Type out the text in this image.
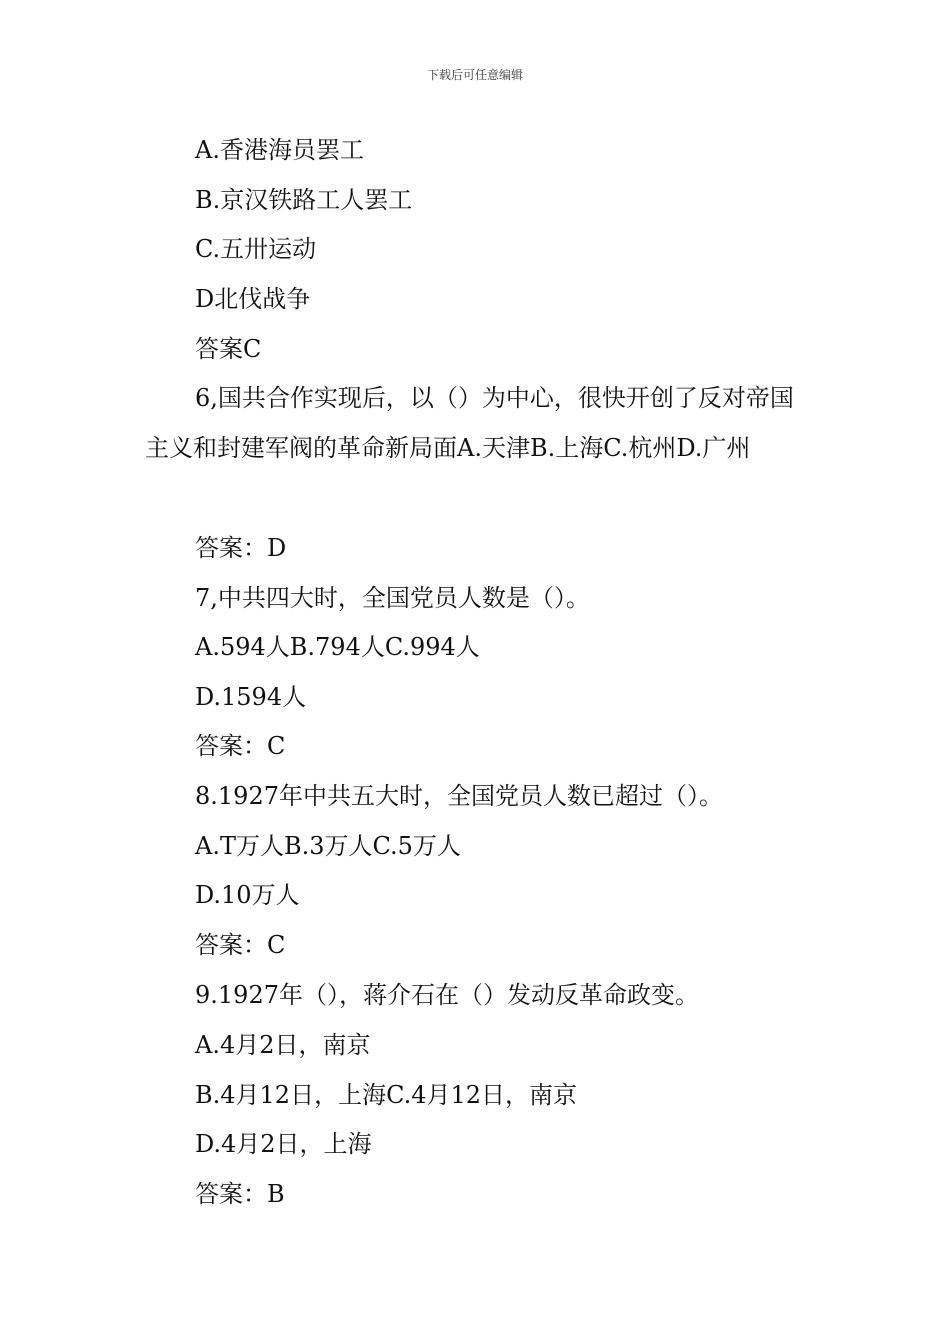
下载后可任意编辑
A.香港海员罢工
B.京汉铁路工人罢工
C.五卅运动
D北伐战争
答案C
6,国共合作实现后，以（）为中心，很快开创了反对帝国主义和封建军阀的革命新局面A.天津B.上海C.杭州D.广州
答案：D
7,中共四大时，全国党员人数是（）。
A.594人B.794人C.994人
D.1594人
答案：C
8.1927年中共五大时，全国党员人数已超过（）。
A.T万人B.3万人C.5万人
D.10万人
答案：C
9.1927年（），蒋介石在（）发动反革命政变。
A.4月2日，南京
B.4月12日，上海C.4月12日，南京
D.4月2日，上海
答案：B
